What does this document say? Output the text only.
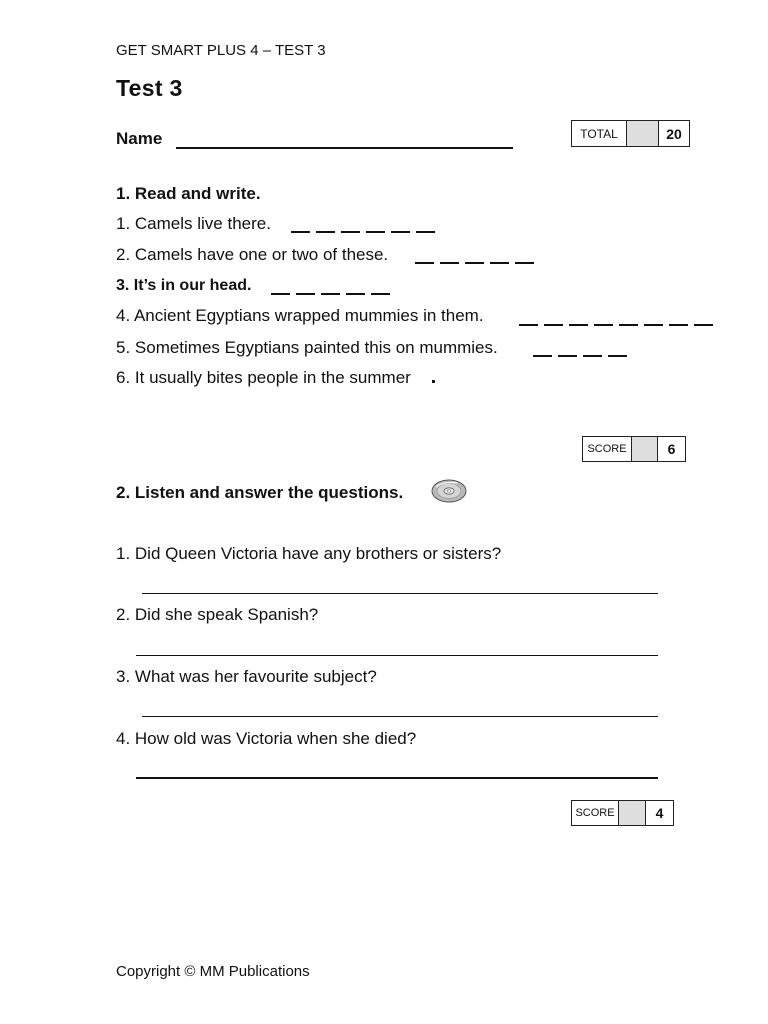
GET SMART PLUS 4 – TEST 3
Test 3
Name	TOTAL	20
1. Read and write.
1. Camels live there.
2. Camels have one or two of these.
3. It’s in our head.
4. Ancient Egyptians wrapped mummies in them.
5. Sometimes Egyptians painted this on mummies.
6. It usually bites people in the summer
SCORE	6
2. Listen and answer the questions.
1. Did Queen Victoria have any brothers or sisters?
2. Did she speak Spanish?
3. What was her favourite subject?
4. How old was Victoria when she died?
SCORE	4
Copyright © MM Publications
